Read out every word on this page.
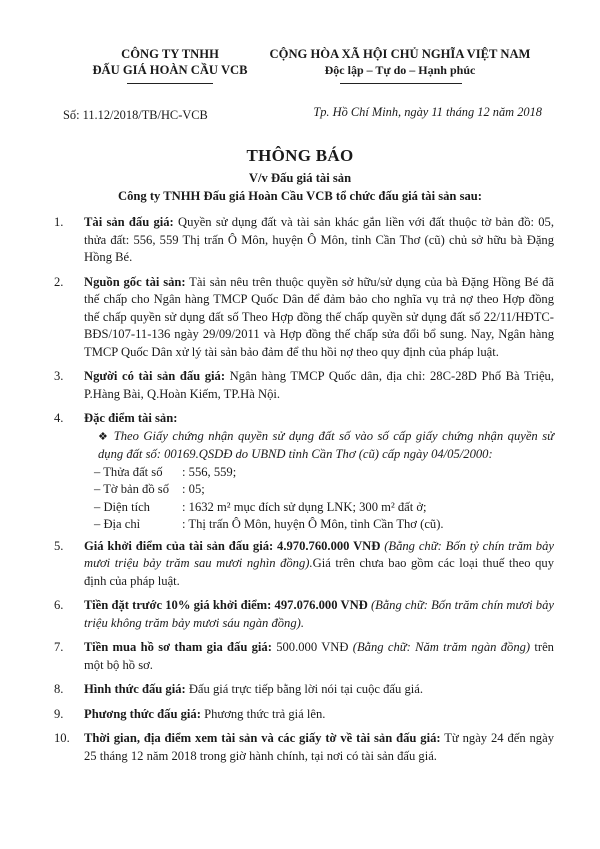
CÔNG TY TNHH
ĐẤU GIÁ HOÀN CẦU VCB
CỘNG HÒA XÃ HỘI CHỦ NGHĨA VIỆT NAM
Độc lập – Tự do – Hạnh phúc
Số: 11.12/2018/TB/HC-VCB	Tp. Hồ Chí Minh, ngày 11 tháng 12 năm 2018
THÔNG BÁO
V/v Đấu giá tài sản
Công ty TNHH Đấu giá Hoàn Cầu VCB tổ chức đấu giá tài sản sau:
1.	Tài sản đấu giá: Quyền sử dụng đất và tài sản khác gắn liền với đất thuộc tờ bản đồ: 05, thửa đất: 556, 559 Thị trấn Ô Môn, huyện Ô Môn, tỉnh Cần Thơ (cũ) chủ sở hữu bà Đặng Hồng Bé.
2.	Nguồn gốc tài sản: Tài sản nêu trên thuộc quyền sở hữu/sử dụng của bà Đặng Hồng Bé đã thế chấp cho Ngân hàng TMCP Quốc Dân để đảm bảo cho nghĩa vụ trả nợ theo Hợp đồng thế chấp quyền sử dụng đất số Theo Hợp đồng thế chấp quyền sử dụng đất số 22/11/HĐTC-BĐS/107-11-136 ngày 29/09/2011 và Hợp đồng thế chấp sửa đổi bổ sung. Nay, Ngân hàng TMCP Quốc Dân xử lý tài sản bảo đảm để thu hồi nợ theo quy định của pháp luật.
3.	Người có tài sản đấu giá: Ngân hàng TMCP Quốc dân, địa chỉ: 28C-28D Phố Bà Triệu, P.Hàng Bài, Q.Hoàn Kiếm, TP.Hà Nội.
4.	Đặc điểm tài sản:
❖ Theo Giấy chứng nhận quyền sử dụng đất số vào số cấp giấy chứng nhận quyền sử dụng đất số: 00169.QSDĐ do UBND tỉnh Cần Thơ (cũ) cấp ngày 04/05/2000:
– Thửa đất số : 556, 559;
– Tờ bản đồ số : 05;
– Diện tích	: 1632 m² mục đích sử dụng LNK; 300 m² đất ở;
– Địa chỉ	: Thị trấn Ô Môn, huyện Ô Môn, tỉnh Cần Thơ (cũ).
5.	Giá khởi điểm của tài sản đấu giá: 4.970.760.000 VNĐ (Bằng chữ: Bốn tỷ chín trăm bảy mươi triệu bảy trăm sau mươi nghìn đồng).Giá trên chưa bao gồm các loại thuế theo quy định của pháp luật.
6.	Tiền đặt trước 10% giá khởi điểm: 497.076.000 VNĐ (Bằng chữ: Bốn trăm chín mươi bảy triệu không trăm bảy mươi sáu ngàn đồng).
7.	Tiền mua hồ sơ tham gia đấu giá: 500.000 VNĐ (Bằng chữ: Năm trăm ngàn đồng) trên một bộ hồ sơ.
8.	Hình thức đấu giá: Đấu giá trực tiếp bằng lời nói tại cuộc đấu giá.
9.	Phương thức đấu giá: Phương thức trả giá lên.
10.	Thời gian, địa điểm xem tài sản và các giấy tờ về tài sản đấu giá: Từ ngày 24 đến ngày 25 tháng 12 năm 2018 trong giờ hành chính, tại nơi có tài sản đấu giá.
